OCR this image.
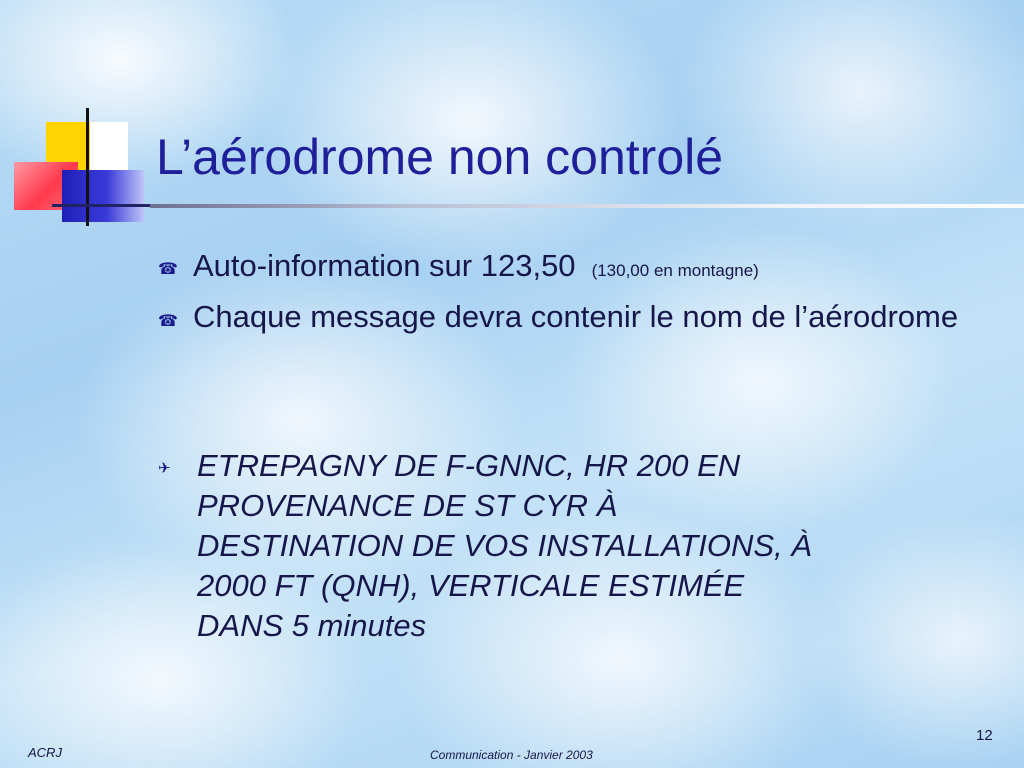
L’aérodrome non controlé
☎ Auto-information sur 123,50 (130,00 en montagne)
☎ Chaque message devra contenir le nom de l’aérodrome
✈ ETREPAGNY DE F-GNNC, HR 200 EN
PROVENANCE DE ST CYR À
DESTINATION DE VOS INSTALLATIONS, À
2000 FT (QNH), VERTICALE ESTIMÉE
DANS 5 minutes
ACRJ	Communication - Janvier 2003
12
